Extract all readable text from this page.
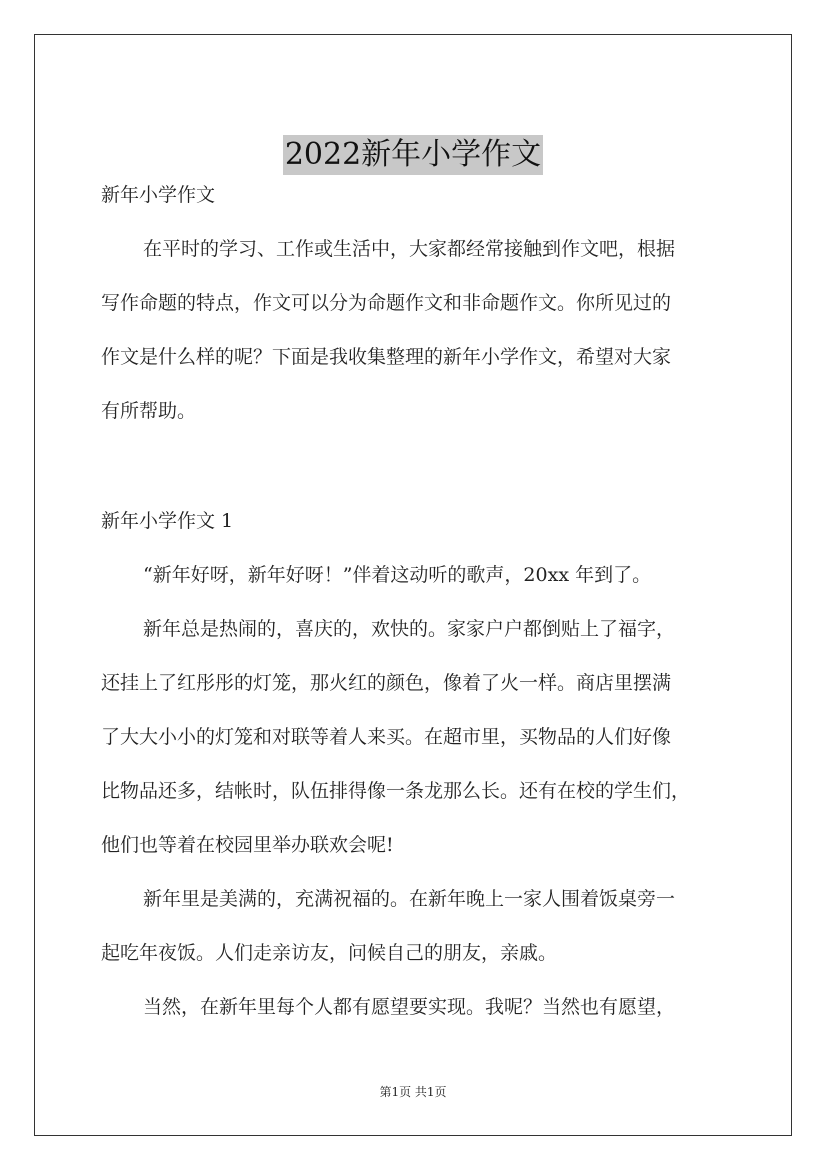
2022新年小学作文
新年小学作文
在平时的学习、工作或生活中，大家都经常接触到作文吧，根据
写作命题的特点，作文可以分为命题作文和非命题作文。你所见过的
作文是什么样的呢？下面是我收集整理的新年小学作文，希望对大家
有所帮助。
新年小学作文 1
“新年好呀，新年好呀！”伴着这动听的歌声，20xx 年到了。
新年总是热闹的，喜庆的，欢快的。家家户户都倒贴上了福字，
还挂上了红彤彤的灯笼，那火红的颜色，像着了火一样。商店里摆满
了大大小小的灯笼和对联等着人来买。在超市里，买物品的人们好像
比物品还多，结帐时，队伍排得像一条龙那么长。还有在校的学生们，
他们也等着在校园里举办联欢会呢!
新年里是美满的，充满祝福的。在新年晚上一家人围着饭桌旁一
起吃年夜饭。人们走亲访友，问候自己的朋友，亲戚。
当然，在新年里每个人都有愿望要实现。我呢？当然也有愿望，
第1页 共1页
